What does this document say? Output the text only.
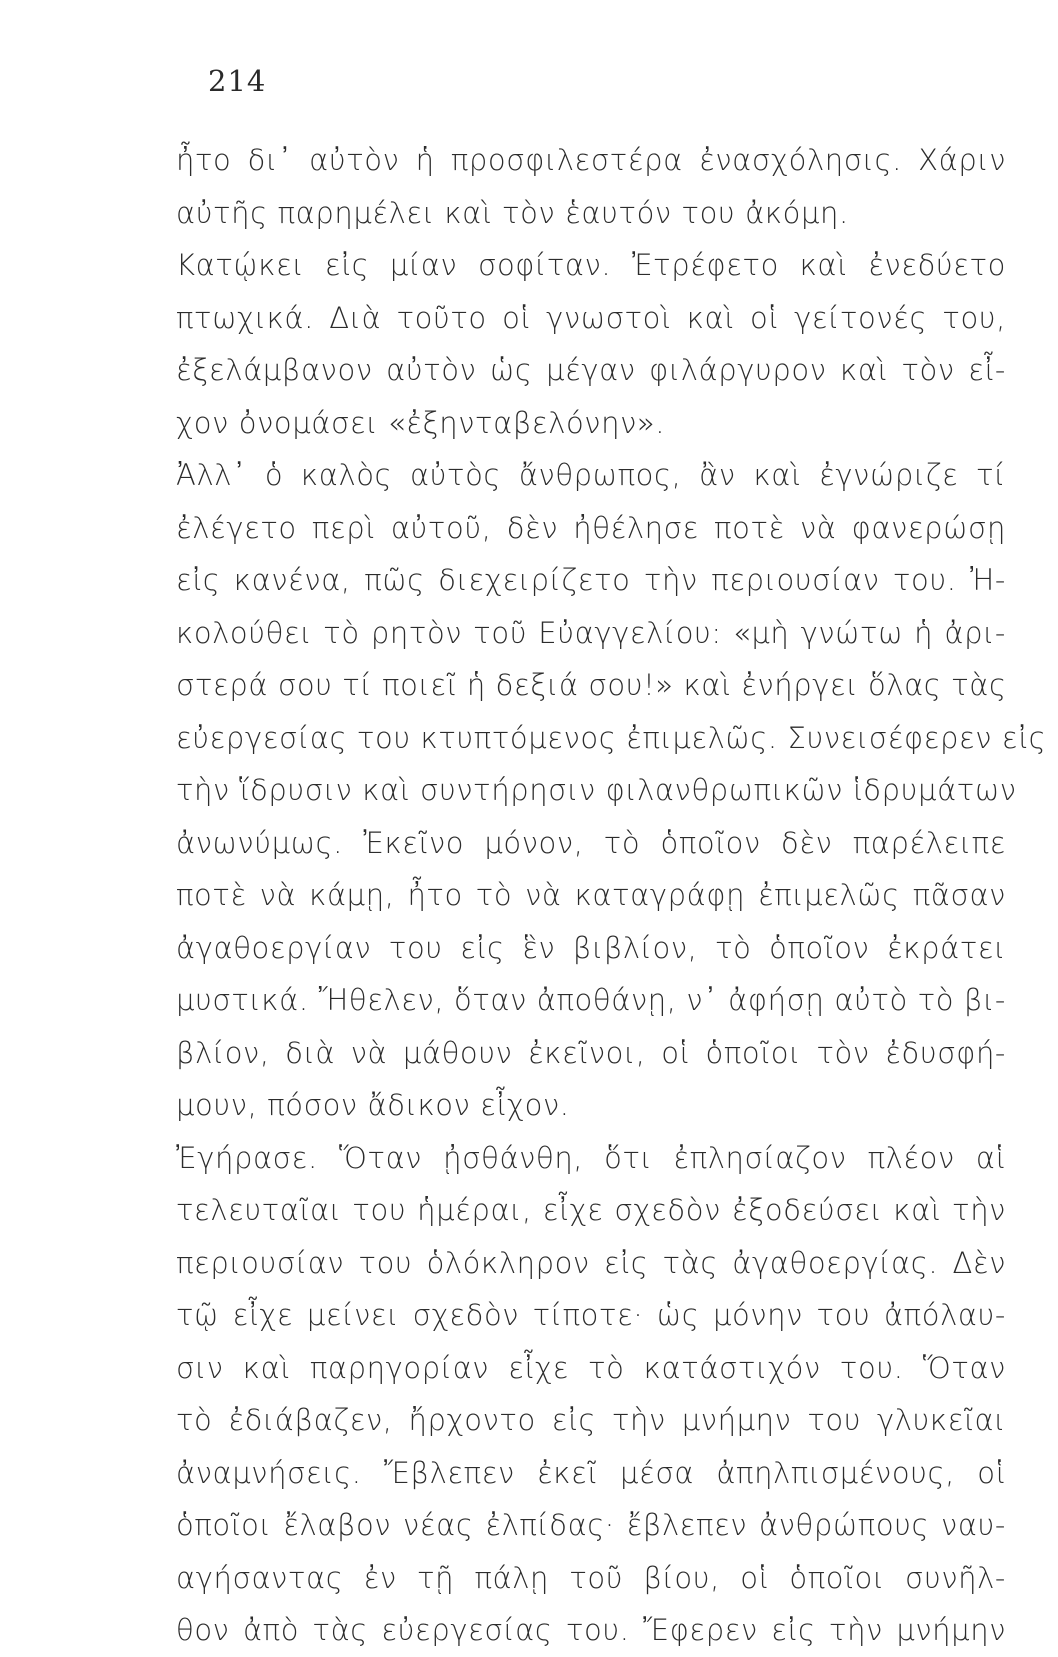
214
ἦτο δι᾽ αὐτὸν ἡ προσφιλεστέρα ἐνασχόλησις. Χάριν
αὐτῆς παρημέλει καὶ τὸν ἑαυτόν του ἀκόμη.
Κατῴκει εἰς μίαν σοφίταν. Ἐτρέφετο καὶ ἐνεδύετο
πτωχικά. Διὰ τοῦτο οἱ γνωστοὶ καὶ οἱ γείτονές του,
ἐξελάμβανον αὐτὸν ὡς μέγαν φιλάργυρον καὶ τὸν εἶ-
χον ὀνομάσει «ἐξηνταβελόνην».
Ἀλλ᾽ ὁ καλὸς αὐτὸς ἄνθρωπος, ἂν καὶ ἐγνώριζε τί
ἐλέγετο περὶ αὐτοῦ, δὲν ἠθέλησε ποτὲ νὰ φανερώσῃ
εἰς κανένα, πῶς διεχειρίζετο τὴν περιουσίαν του. Ἠ-
κολούθει τὸ ρητὸν τοῦ Εὐαγγελίου: «μὴ γνώτω ἡ ἀρι-
στερά σου τί ποιεῖ ἡ δεξιά σου!» καὶ ἐνήργει ὅλας τὰς
εὐεργεσίας του κτυπτόμενος ἐπιμελῶς. Συνεισέφερεν εἰς
τὴν ἵδρυσιν καὶ συντήρησιν φιλανθρωπικῶν ἱδρυμάτων
ἀνωνύμως. Ἐκεῖνο μόνον, τὸ ὁποῖον δὲν παρέλειπε
ποτὲ νὰ κάμῃ, ἦτο τὸ νὰ καταγράφῃ ἐπιμελῶς πᾶσαν
ἀγαθοεργίαν του εἰς ἓν βιβλίον, τὸ ὁποῖον ἐκράτει
μυστικά. Ἤθελεν, ὅταν ἀποθάνῃ, ν᾽ ἀφήσῃ αὐτὸ τὸ βι-
βλίον, διὰ νὰ μάθουν ἐκεῖνοι, οἱ ὁποῖοι τὸν ἐδυσφή-
μουν, πόσον ἄδικον εἶχον.
Ἐγήρασε. Ὅταν ᾐσθάνθη, ὅτι ἐπλησίαζον πλέον αἱ
τελευταῖαι του ἡμέραι, εἶχε σχεδὸν ἐξοδεύσει καὶ τὴν
περιουσίαν του ὁλόκληρον εἰς τὰς ἀγαθοεργίας. Δὲν
τῷ εἶχε μείνει σχεδὸν τίποτε· ὡς μόνην του ἀπόλαυ-
σιν καὶ παρηγορίαν εἶχε τὸ κατάστιχόν του. Ὅταν
τὸ ἐδιάβαζεν, ἤρχοντο εἰς τὴν μνήμην του γλυκεῖαι
ἀναμνήσεις. Ἔβλεπεν ἐκεῖ μέσα ἀπηλπισμένους, οἱ
ὁποῖοι ἔλαβον νέας ἐλπίδας· ἔβλεπεν ἀνθρώπους ναυ-
αγήσαντας ἐν τῇ πάλῃ τοῦ βίου, οἱ ὁποῖοι συνῆλ-
θον ἀπὸ τὰς εὐεργεσίας του. Ἔφερεν εἰς τὴν μνήμην
